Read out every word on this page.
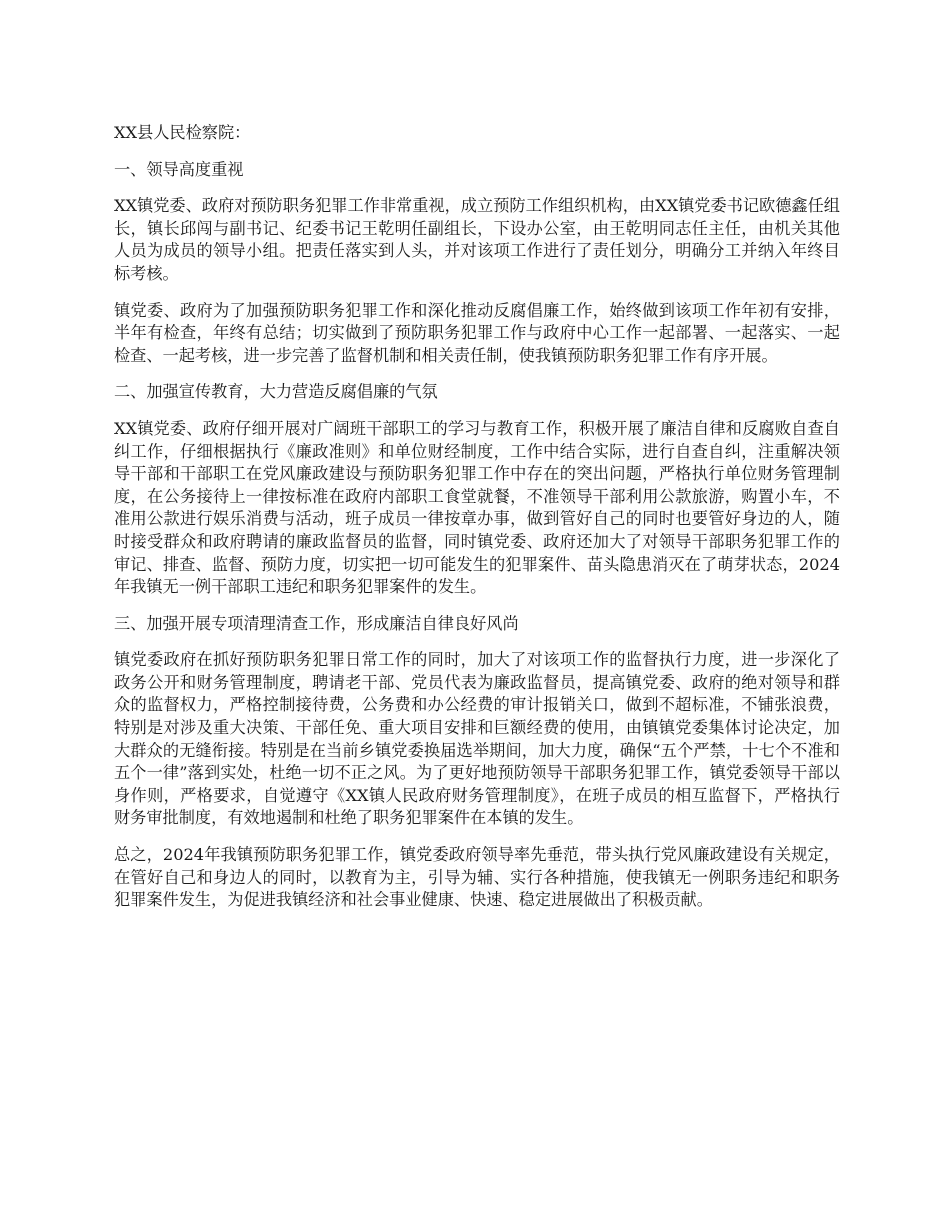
XX县人民检察院：

一、领导高度重视

XX镇党委、政府对预防职务犯罪工作非常重视，成立预防工作组织机构，由XX镇党委书记欧德鑫任组长，镇长邱闯与副书记、纪委书记王乾明任副组长，下设办公室，由王乾明同志任主任，由机关其他人员为成员的领导小组。把责任落实到人头，并对该项工作进行了责任划分，明确分工并纳入年终目标考核。

镇党委、政府为了加强预防职务犯罪工作和深化推动反腐倡廉工作，始终做到该项工作年初有安排，半年有检查，年终有总结；切实做到了预防职务犯罪工作与政府中心工作一起部署、一起落实、一起检查、一起考核，进一步完善了监督机制和相关责任制，使我镇预防职务犯罪工作有序开展。

二、加强宣传教育，大力营造反腐倡廉的气氛

XX镇党委、政府仔细开展对广阔班干部职工的学习与教育工作，积极开展了廉洁自律和反腐败自查自纠工作，仔细根据执行《廉政准则》和单位财经制度，工作中结合实际，进行自查自纠，注重解决领导干部和干部职工在党风廉政建设与预防职务犯罪工作中存在的突出问题，严格执行单位财务管理制度，在公务接待上一律按标准在政府内部职工食堂就餐，不准领导干部利用公款旅游，购置小车，不准用公款进行娱乐消费与活动，班子成员一律按章办事，做到管好自己的同时也要管好身边的人，随时接受群众和政府聘请的廉政监督员的监督，同时镇党委、政府还加大了对领导干部职务犯罪工作的审记、排查、监督、预防力度，切实把一切可能发生的犯罪案件、苗头隐患消灭在了萌芽状态，2024年我镇无一例干部职工违纪和职务犯罪案件的发生。

三、加强开展专项清理清查工作，形成廉洁自律良好风尚

镇党委政府在抓好预防职务犯罪日常工作的同时，加大了对该项工作的监督执行力度，进一步深化了政务公开和财务管理制度，聘请老干部、党员代表为廉政监督员，提高镇党委、政府的绝对领导和群众的监督权力，严格控制接待费，公务费和办公经费的审计报销关口，做到不超标准，不铺张浪费，特别是对涉及重大决策、干部任免、重大项目安排和巨额经费的使用，由镇镇党委集体讨论决定，加大群众的无缝衔接。特别是在当前乡镇党委换届选举期间，加大力度，确保“五个严禁，十七个不准和五个一律”落到实处，杜绝一切不正之风。为了更好地预防领导干部职务犯罪工作，镇党委领导干部以身作则，严格要求，自觉遵守《XX镇人民政府财务管理制度》，在班子成员的相互监督下，严格执行财务审批制度，有效地遏制和杜绝了职务犯罪案件在本镇的发生。

总之，2024年我镇预防职务犯罪工作，镇党委政府领导率先垂范，带头执行党风廉政建设有关规定，在管好自己和身边人的同时，以教育为主，引导为辅、实行各种措施，使我镇无一例职务违纪和职务犯罪案件发生，为促进我镇经济和社会事业健康、快速、稳定进展做出了积极贡献。
